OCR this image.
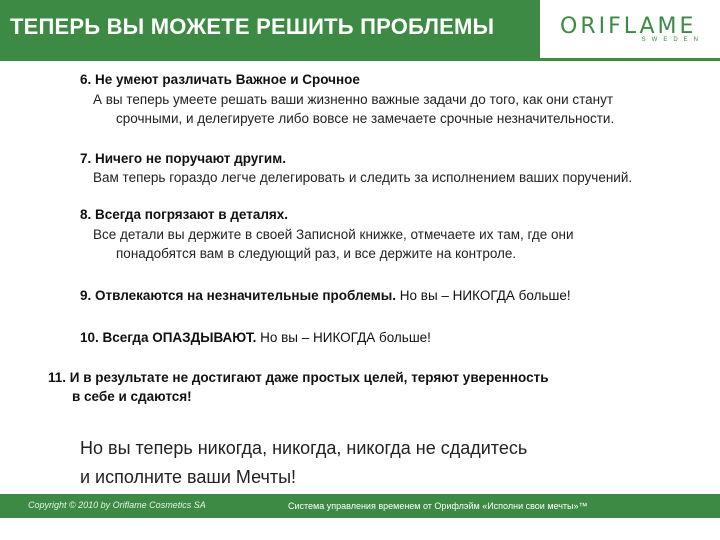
ТЕПЕРЬ ВЫ МОЖЕТЕ РЕШИТЬ ПРОБЛЕМЫ	ORIFLAME
SWEDEN
6. Не умеют различать Важное и Срочное
А вы теперь умеете решать ваши жизненно важные задачи до того, как они станут
срочными, и делегируете либо вовсе не замечаете срочные незначительности.
7. Ничего не поручают другим.
Вам теперь гораздо легче делегировать и следить за исполнением ваших поручений.
8. Всегда погрязают в деталях.
Все детали вы держите в своей Записной книжке, отмечаете их там, где они
понадобятся вам в следующий раз, и все держите на контроле.
9. Отвлекаются на незначительные проблемы. Но вы – НИКОГДА больше!
10. Всегда ОПАЗДЫВАЮТ. Но вы – НИКОГДА больше!
11. И в результате не достигают даже простых целей, теряют уверенность
в себе и сдаются!
Но вы теперь никогда, никогда, никогда не сдадитесь
и исполните ваши Мечты!
Copyright © 2010 by Oriflame Cosmetics SA	Система управления временем от Орифлэйм «Исполни свои мечты»™
